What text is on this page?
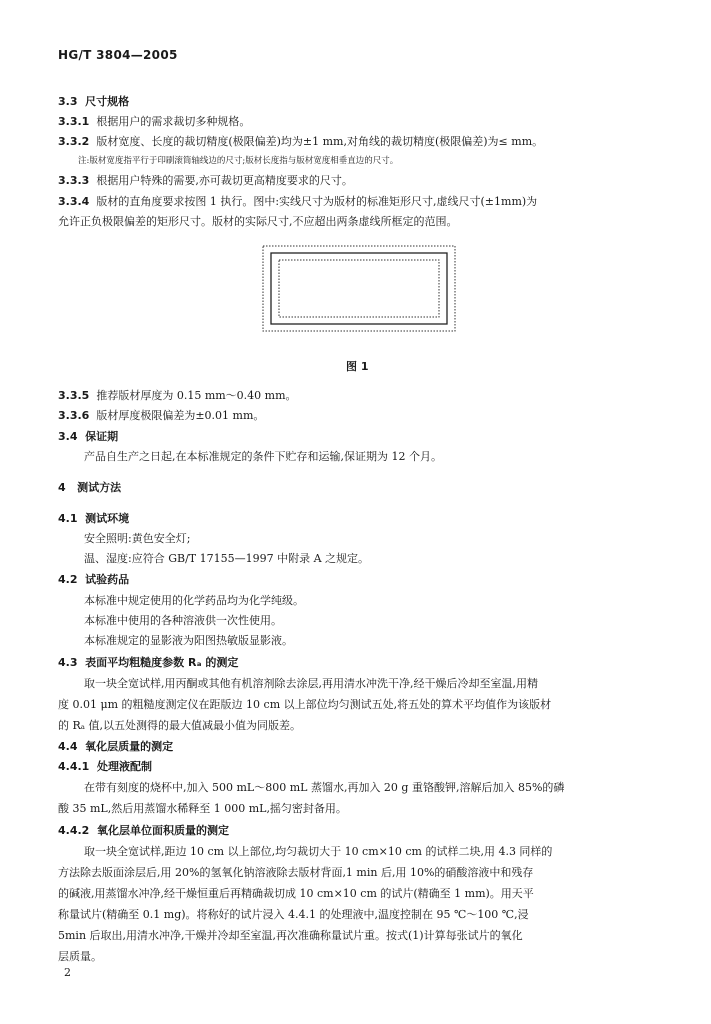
HG/T 3804—2005
3.3 尺寸规格
3.3.1 根据用户的需求裁切多种规格。
3.3.2 版材宽度、长度的裁切精度(极限偏差)均为±1 mm,对角线的裁切精度(极限偏差)为≤ mm。
注:版材宽度指平行于印刷滚筒轴线边的尺寸;版材长度指与版材宽度相垂直边的尺寸。
3.3.3 根据用户特殊的需要,亦可裁切更高精度要求的尺寸。
3.3.4 版材的直角度要求按图 1 执行。图中:实线尺寸为版材的标准矩形尺寸,虚线尺寸(±1mm)为
允许正负极限偏差的矩形尺寸。版材的实际尺寸,不应超出两条虚线所框定的范围。
图 1
3.3.5 推荐版材厚度为 0.15 mm～0.40 mm。
3.3.6 版材厚度极限偏差为±0.01 mm。
3.4 保证期
产品自生产之日起,在本标准规定的条件下贮存和运输,保证期为 12 个月。
4 测试方法
4.1 测试环境
安全照明:黄色安全灯;
温、湿度:应符合 GB/T 17155—1997 中附录 A 之规定。
4.2 试验药品
本标准中规定使用的化学药品均为化学纯级。
本标准中使用的各种溶液供一次性使用。
本标准规定的显影液为阳图热敏版显影液。
4.3 表面平均粗糙度参数 Rₐ 的测定
取一块全宽试样,用丙酮或其他有机溶剂除去涂层,再用清水冲洗干净,经干燥后冷却至室温,用精
度 0.01 μm 的粗糙度测定仪在距版边 10 cm 以上部位均匀测试五处,将五处的算术平均值作为该版材
的 Rₐ 值,以五处测得的最大值减最小值为同版差。
4.4 氧化层质量的测定
4.4.1 处理液配制
在带有刻度的烧杯中,加入 500 mL～800 mL 蒸馏水,再加入 20 g 重铬酸钾,溶解后加入 85%的磷
酸 35 mL,然后用蒸馏水稀释至 1 000 mL,摇匀密封备用。
4.4.2 氧化层单位面积质量的测定
取一块全宽试样,距边 10 cm 以上部位,均匀裁切大于 10 cm×10 cm 的试样二块,用 4.3 同样的
方法除去版面涂层后,用 20%的氢氧化钠溶液除去版材背面,1 min 后,用 10%的硝酸溶液中和残存
的碱液,用蒸馏水冲净,经干燥恒重后再精确裁切成 10 cm×10 cm 的试片(精确至 1 mm)。用天平
称量试片(精确至 0.1 mg)。将称好的试片浸入 4.4.1 的处理液中,温度控制在 95 ℃～100 ℃,浸
5min 后取出,用清水冲净,干燥并冷却至室温,再次准确称量试片重。按式(1)计算每张试片的氧化
层质量。
2
